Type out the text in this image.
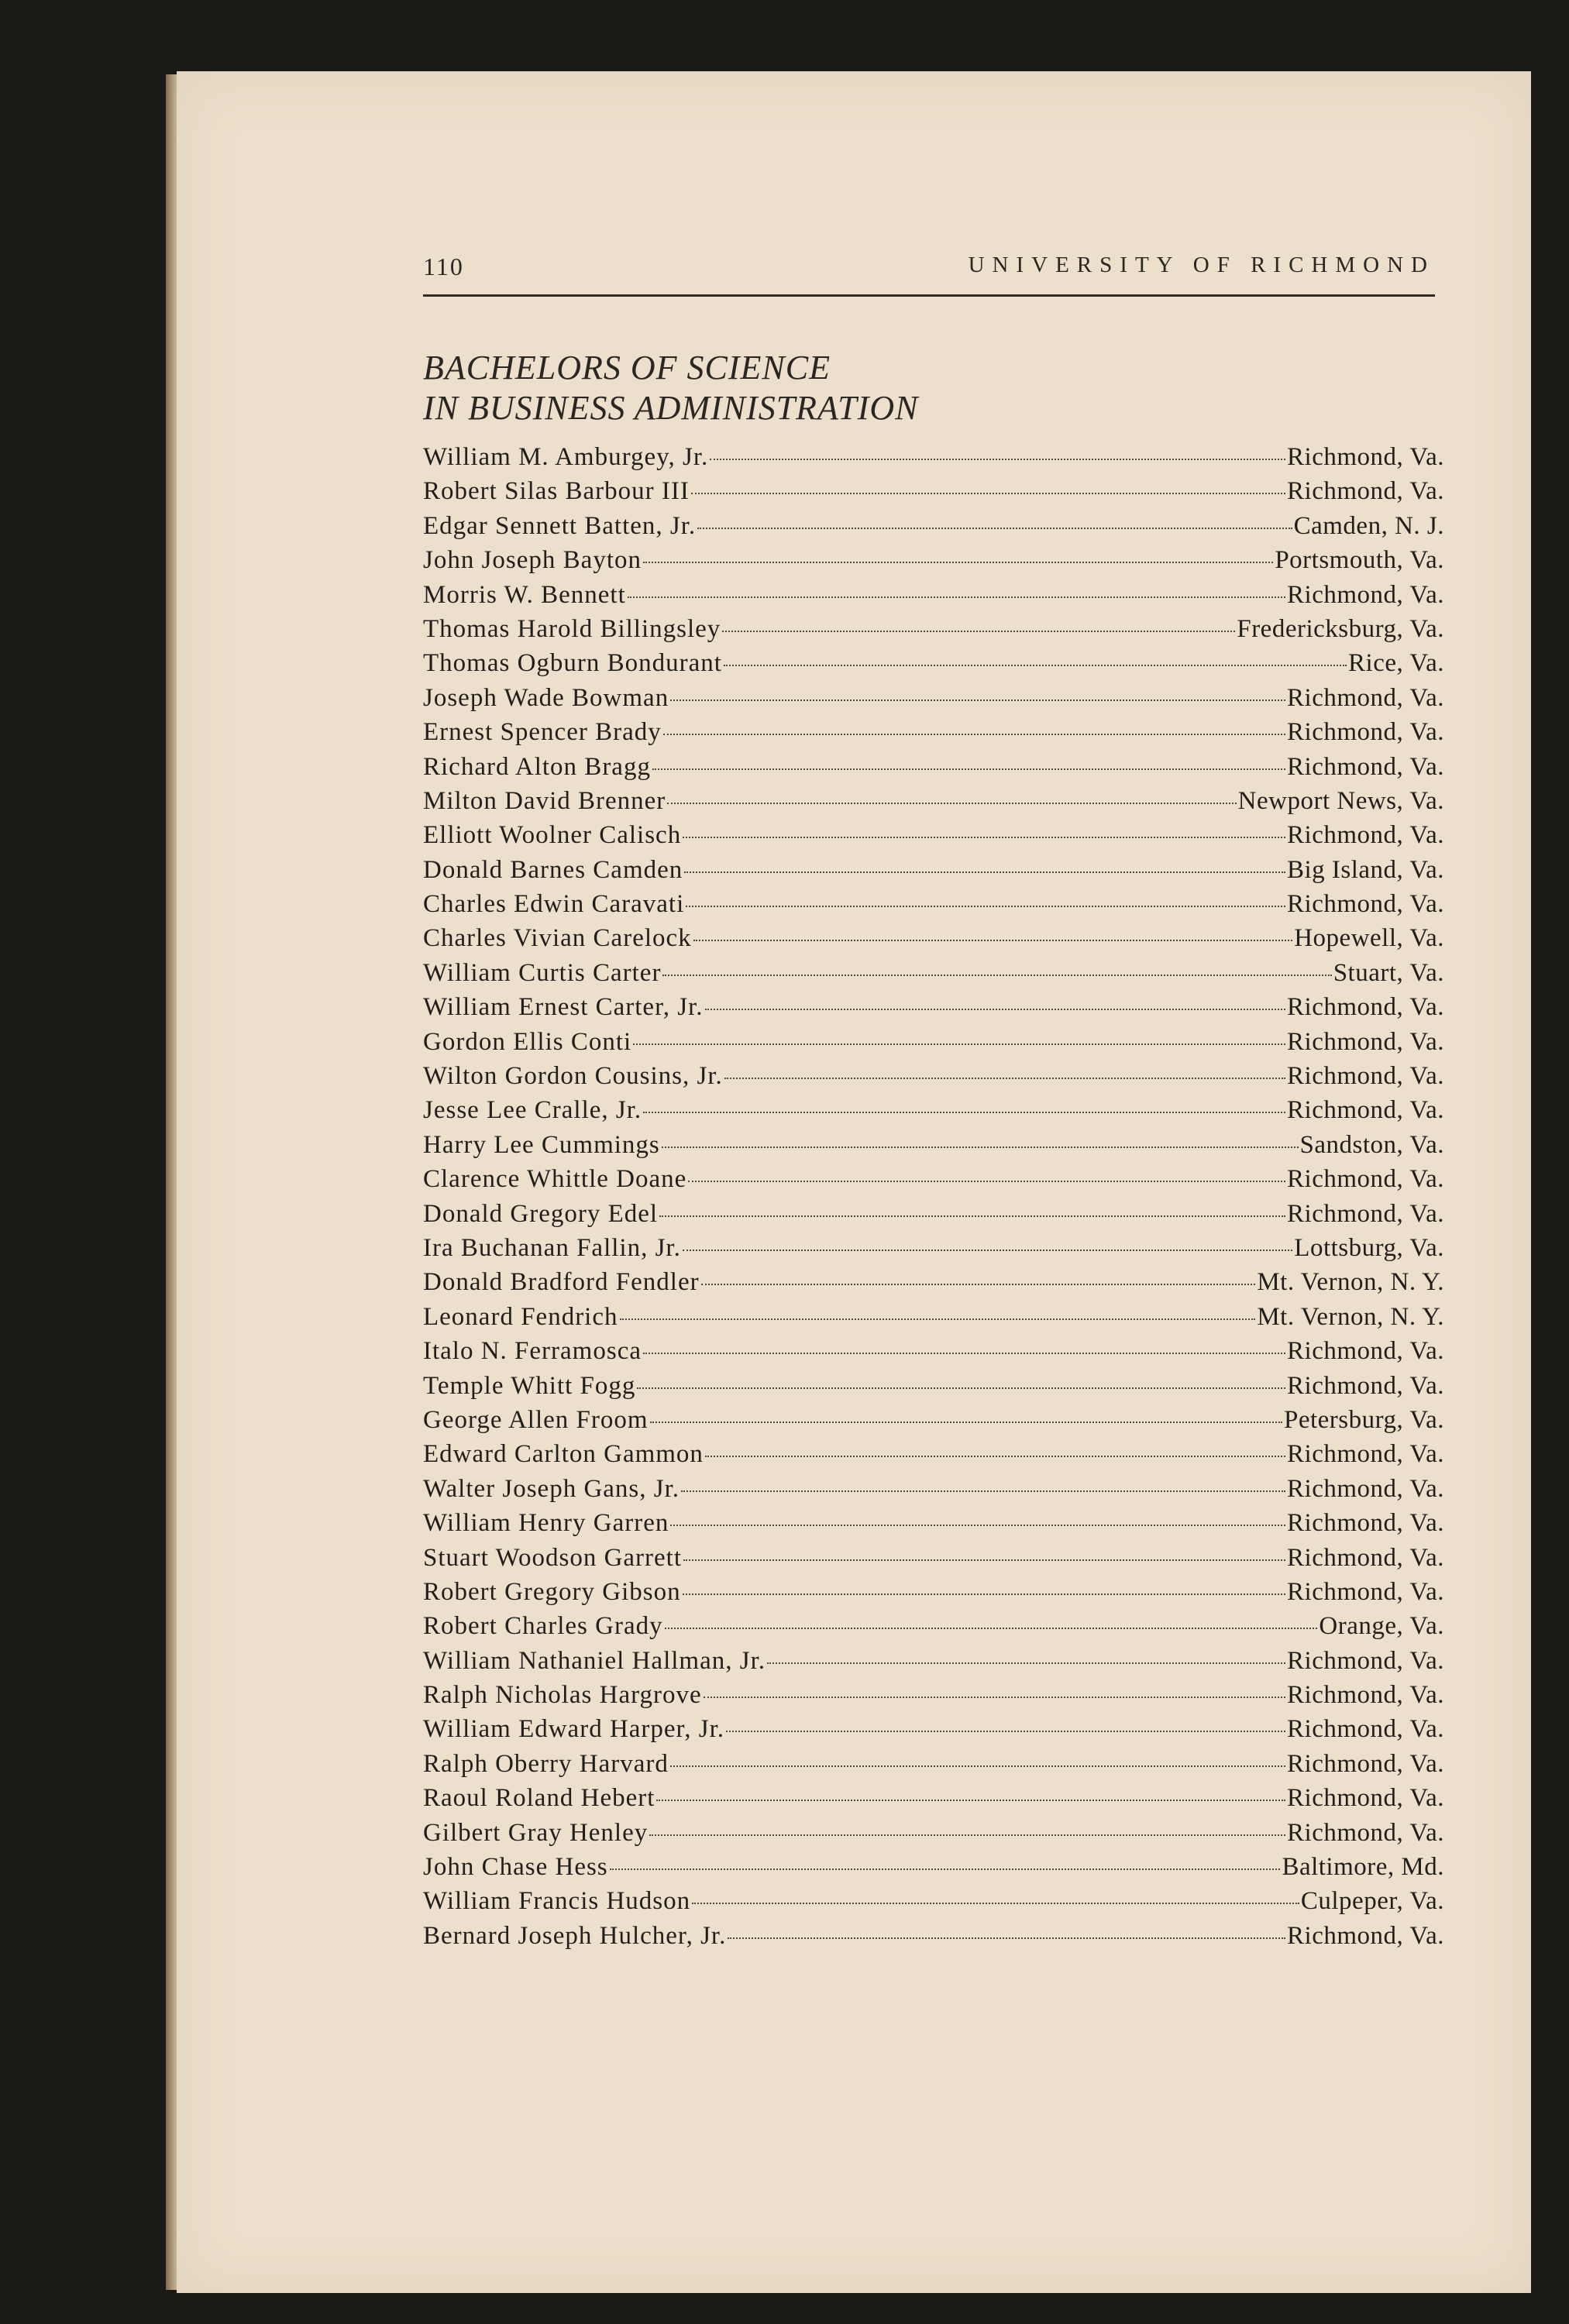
110	UNIVERSITY OF RICHMOND
BACHELORS OF SCIENCE
IN BUSINESS ADMINISTRATION
William M. Amburgey, Jr.	Richmond, Va.
Robert Silas Barbour III	Richmond, Va.
Edgar Sennett Batten, Jr.	Camden, N. J.
John Joseph Bayton	Portsmouth, Va.
Morris W. Bennett	Richmond, Va.
Thomas Harold Billingsley	Fredericksburg, Va.
Thomas Ogburn Bondurant	Rice, Va.
Joseph Wade Bowman	Richmond, Va.
Ernest Spencer Brady	Richmond, Va.
Richard Alton Bragg	Richmond, Va.
Milton David Brenner	Newport News, Va.
Elliott Woolner Calisch	Richmond, Va.
Donald Barnes Camden	Big Island, Va.
Charles Edwin Caravati	Richmond, Va.
Charles Vivian Carelock	Hopewell, Va.
William Curtis Carter	Stuart, Va.
William Ernest Carter, Jr.	Richmond, Va.
Gordon Ellis Conti	Richmond, Va.
Wilton Gordon Cousins, Jr.	Richmond, Va.
Jesse Lee Cralle, Jr.	Richmond, Va.
Harry Lee Cummings	Sandston, Va.
Clarence Whittle Doane	Richmond, Va.
Donald Gregory Edel	Richmond, Va.
Ira Buchanan Fallin, Jr.	Lottsburg, Va.
Donald Bradford Fendler	Mt. Vernon, N. Y.
Leonard Fendrich	Mt. Vernon, N. Y.
Italo N. Ferramosca	Richmond, Va.
Temple Whitt Fogg	Richmond, Va.
George Allen Froom	Petersburg, Va.
Edward Carlton Gammon	Richmond, Va.
Walter Joseph Gans, Jr.	Richmond, Va.
William Henry Garren	Richmond, Va.
Stuart Woodson Garrett	Richmond, Va.
Robert Gregory Gibson	Richmond, Va.
Robert Charles Grady	Orange, Va.
William Nathaniel Hallman, Jr.	Richmond, Va.
Ralph Nicholas Hargrove	Richmond, Va.
William Edward Harper, Jr.	Richmond, Va.
Ralph Oberry Harvard	Richmond, Va.
Raoul Roland Hebert	Richmond, Va.
Gilbert Gray Henley	Richmond, Va.
John Chase Hess	Baltimore, Md.
William Francis Hudson	Culpeper, Va.
Bernard Joseph Hulcher, Jr.	Richmond, Va.
